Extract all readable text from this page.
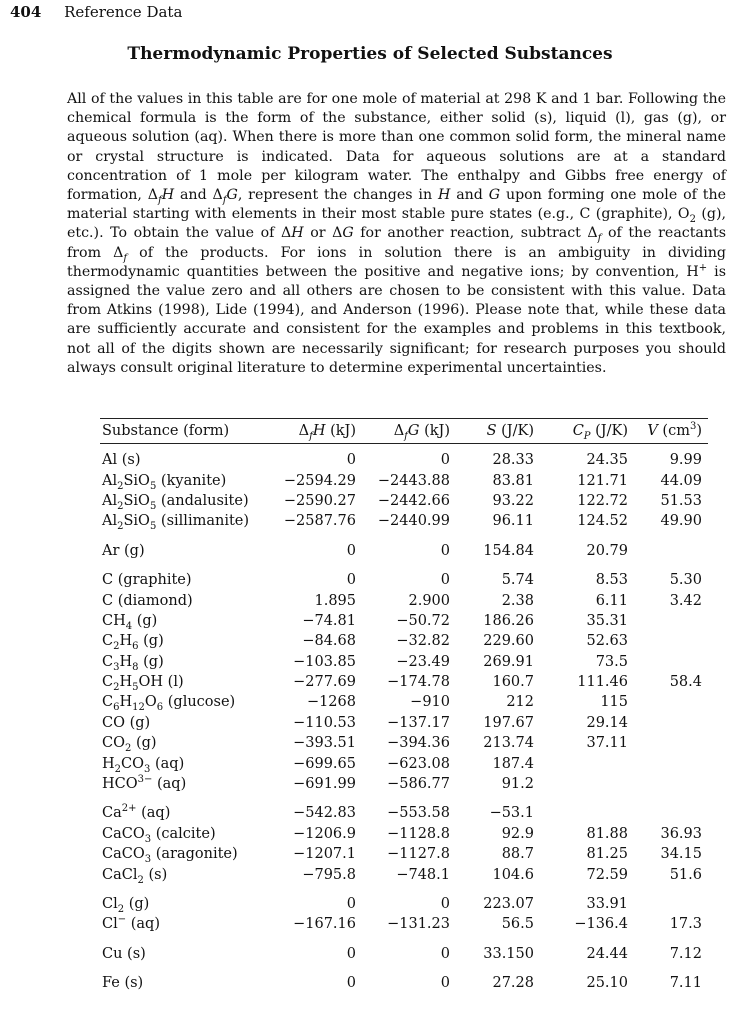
404 Reference Data
Thermodynamic Properties of Selected Substances
All of the values in this table are for one mole of material at 298 K and 1 bar. Following the chemical formula is the form of the substance, either solid (s), liquid (l), gas (g), or aqueous solution (aq). When there is more than one common solid form, the mineral name or crystal structure is indicated. Data for aqueous solutions are at a standard concentration of 1 mole per kilogram water. The enthalpy and Gibbs free energy of formation, $\Delta_fH$ and $\Delta_fG$, represent the changes in H and G upon forming one mole of the material starting with elements in their most stable pure states (e.g., C (graphite), $O_2$ (g), etc.). To obtain the value of ΔH or ΔG for another reaction, subtract $\Delta_f$ of the reactants from $\Delta_f$ of the products. For ions in solution there is an ambiguity in dividing thermodynamic quantities between the positive and negative ions; by convention, H+ is assigned the value zero and all others are chosen to be consistent with this value. Data from Atkins (1998), Lide (1994), and Anderson (1996). Please note that, while these data are sufficiently accurate and consistent for the examples and problems in this textbook, not all of the digits shown are necessarily significant; for research purposes you should always consult original literature to determine experimental uncertainties.
Substance (form)	$\Delta_fH$ (kJ)	$\Delta_fG$ (kJ)	S (J/K)	$C_P$ (J/K)	V $(cm^3)$
Al (s)	0	0	28.33	24.35	9.99
$Al_2SiO_5$ (kyanite)	−2594.29	−2443.88	83.81	121.71	44.09
$Al_2SiO_5$ (andalusite)	−2590.27	−2442.66	93.22	122.72	51.53
$Al_2SiO_5$ (sillimanite)	−2587.76	−2440.99	96.11	124.52	49.90
Ar (g)	0	0	154.84	20.79	
C (graphite)	0	0	5.74	8.53	5.30
C (diamond)	1.895	2.900	2.38	6.11	3.42
$CH_4$ (g)	−74.81	−50.72	186.26	35.31	
$C_2H_6$ (g)	−84.68	−32.82	229.60	52.63	
$C_3H_8$ (g)	−103.85	−23.49	269.91	73.5	
$C_2H_5OH$ (l)	−277.69	−174.78	160.7	111.46	58.4
$C_6H_{12}O_6$ (glucose)	−1268	−910	212	115	
CO (g)	−110.53	−137.17	197.67	29.14	
$CO_2$ (g)	−393.51	−394.36	213.74	37.11	
$H_2CO_3$ (aq)	−699.65	−623.08	187.4		
$HCO^{3-}$ (aq)	−691.99	−586.77	91.2		
$Ca^{2+}$ (aq)	−542.83	−553.58	−53.1		
CaCO$_3$ (calcite)	−1206.9	−1128.8	92.9	81.88	36.93
CaCO$_3$ (aragonite)	−1207.1	−1127.8	88.7	81.25	34.15
CaCl$_2$ (s)	−795.8	−748.1	104.6	72.59	51.6
$Cl_2$ (g)	0	0	223.07	33.91	
Cl− (aq)	−167.16	−131.23	56.5	−136.4	17.3
Cu (s)	0	0	33.150	24.44	7.12
Fe (s)	0	0	27.28	25.10	7.11
